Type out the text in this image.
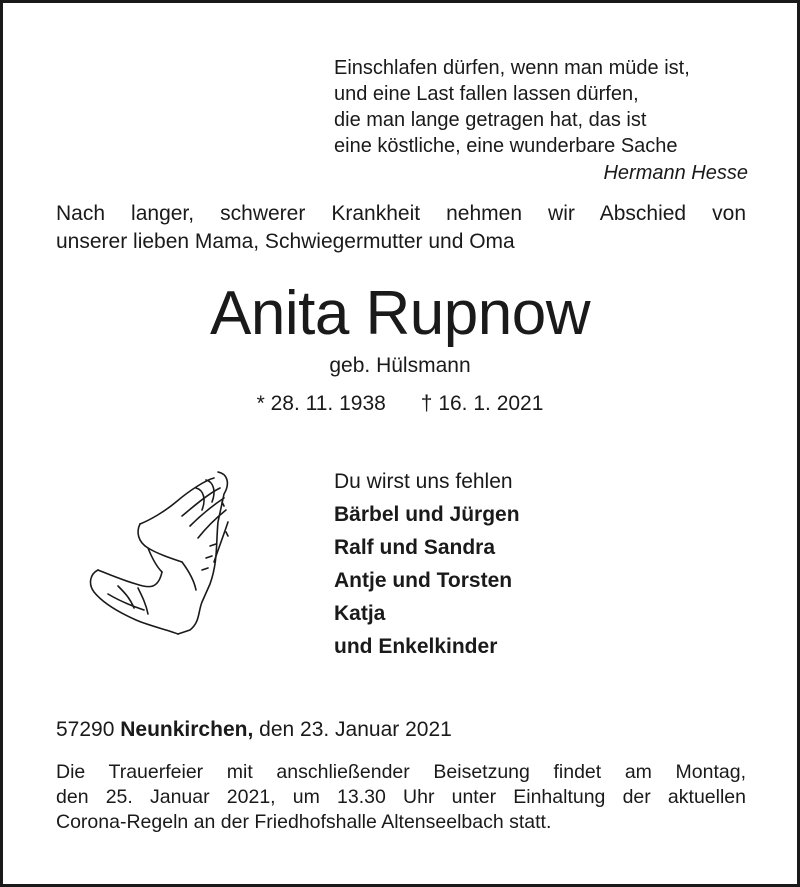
Einschlafen dürfen, wenn man müde ist,
und eine Last fallen lassen dürfen,
die man lange getragen hat, das ist
eine köstliche, eine wunderbare Sache
Hermann Hesse
Nach langer, schwerer Krankheit nehmen wir Abschied von
unserer lieben Mama, Schwiegermutter und Oma
Anita Rupnow
geb. Hülsmann
* 28. 11. 1938      † 16. 1. 2021
Du wirst uns fehlen
Bärbel und Jürgen
Ralf und Sandra
Antje und Torsten
Katja
und Enkelkinder
57290 Neunkirchen, den 23. Januar 2021
Die Trauerfeier mit anschließender Beisetzung findet am Montag,
den 25. Januar 2021, um 13.30 Uhr unter Einhaltung der aktuellen
Corona-Regeln an der Friedhofshalle Altenseelbach statt.
